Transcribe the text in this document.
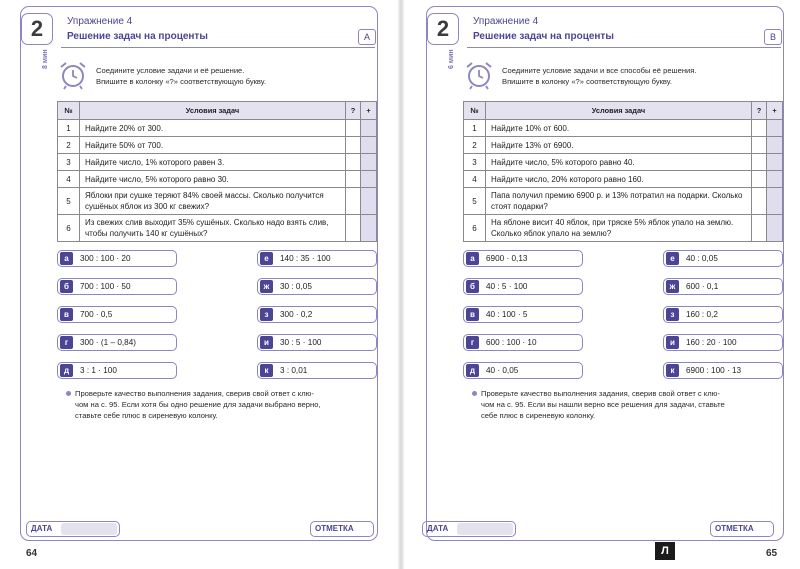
2	Упражнение 4
Решение задач на проценты	A
8 мин
Соедините условие задачи и её решение.
Впишите в колонку «?» соответствующую букву.
№	Условия задач	?	+
1	Найдите 20% от 300.		
2	Найдите 50% от 700.		
3	Найдите число, 1% которого равен 3.		
4	Найдите число, 5% которого равно 30.		
5	Яблоки при сушке теряют 84% своей массы. Сколько получится сушёных яблок из 300 кг свежих?		
6	Из свежих слив выходит 35% сушёных. Сколько надо взять слив, чтобы получить 140 кг сушёных?		
а	300 : 100 · 20	е	140 : 35 · 100
б	700 : 100 · 50	ж	30 : 0,05
в	700 · 0,5	з	300 · 0,2
г	300 · (1 – 0,84)	и	30 : 5 · 100
д	3 : 1 · 100	к	3 : 0,01
Проверьте качество выполнения задания, сверив свой ответ с клю-
чом на с. 95. Если хотя бы одно решение для задачи выбрано верно,
ставьте себе плюс в сиреневую колонку.
ДАТА	ОТМЕТКА
64
2	Упражнение 4
Решение задач на проценты	B
6 мин
Соедините условие задачи и все способы её решения.
Впишите в колонку «?» соответствующую букву.
№	Условия задач	?	+
1	Найдите 10% от 600.		
2	Найдите 13% от 6900.		
3	Найдите число, 5% которого равно 40.		
4	Найдите число, 20% которого равно 160.		
5	Папа получил премию 6900 р. и 13% потратил на подарки. Сколько стоят подарки?		
6	На яблоне висит 40 яблок, при тряске 5% яблок упало на землю. Сколько яблок упало на землю?		
а	6900 · 0,13	е	40 : 0,05
б	40 : 5 · 100	ж	600 · 0,1
в	40 : 100 · 5	з	160 : 0,2
г	600 : 100 · 10	и	160 : 20 · 100
д	40 · 0,05	к	6900 : 100 · 13
Проверьте качество выполнения задания, сверив свой ответ с клю-
чом на с. 95. Если вы нашли верно все решения для задачи, ставьте
себе плюс в сиреневую колонку.
ДАТА	ОТМЕТКА
65
Л
